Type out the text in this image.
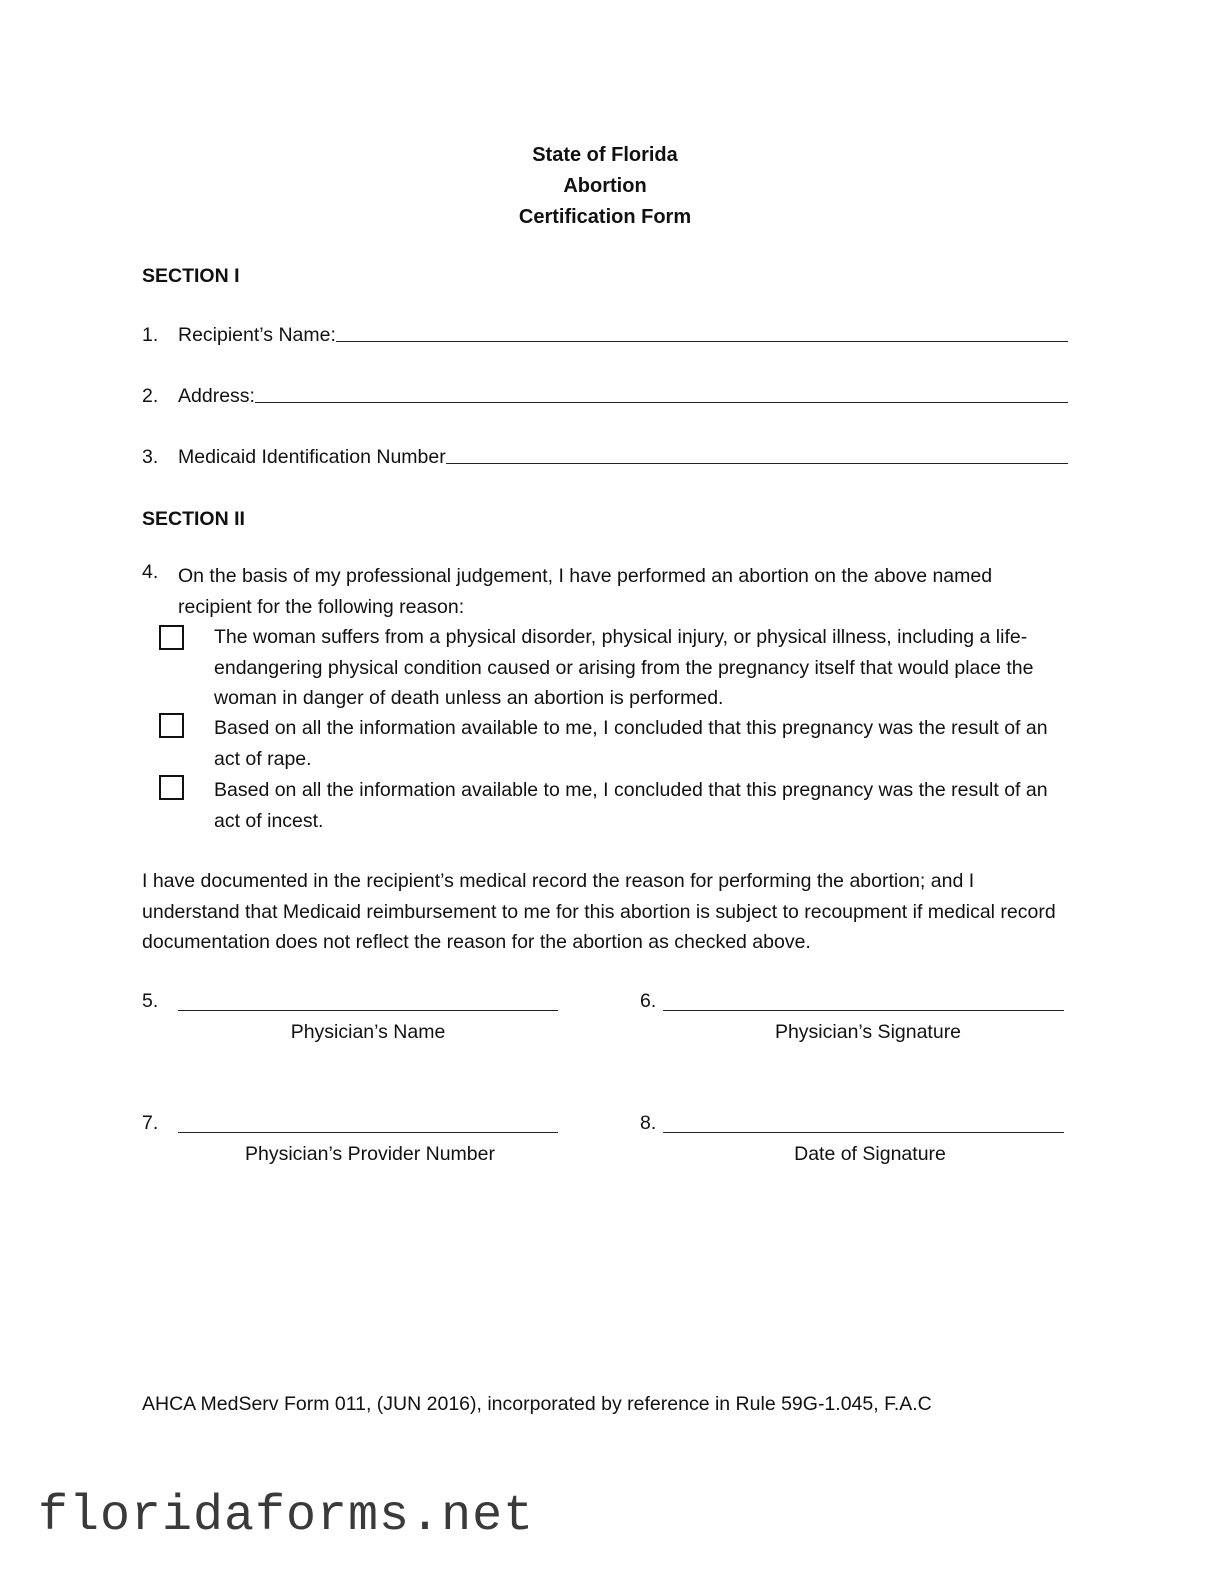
State of Florida
Abortion
Certification Form
SECTION I
1.	Recipient’s Name:
2.	Address:
3.	Medicaid Identification Number
SECTION II
4. On the basis of my professional judgement, I have performed an abortion on the above named recipient for the following reason:
The woman suffers from a physical disorder, physical injury, or physical illness, including a life-endangering physical condition caused or arising from the pregnancy itself that would place the woman in danger of death unless an abortion is performed.
Based on all the information available to me, I concluded that this pregnancy was the result of an act of rape.
Based on all the information available to me, I concluded that this pregnancy was the result of an act of incest.
I have documented in the recipient’s medical record the reason for performing the abortion; and I understand that Medicaid reimbursement to me for this abortion is subject to recoupment if medical record documentation does not reflect the reason for the abortion as checked above.
5.
Physician’s Name
6.
Physician’s Signature
7.
Physician’s Provider Number
8.
Date of Signature
AHCA MedServ Form 011, (JUN 2016), incorporated by reference in Rule 59G-1.045, F.A.C
floridaforms.net
